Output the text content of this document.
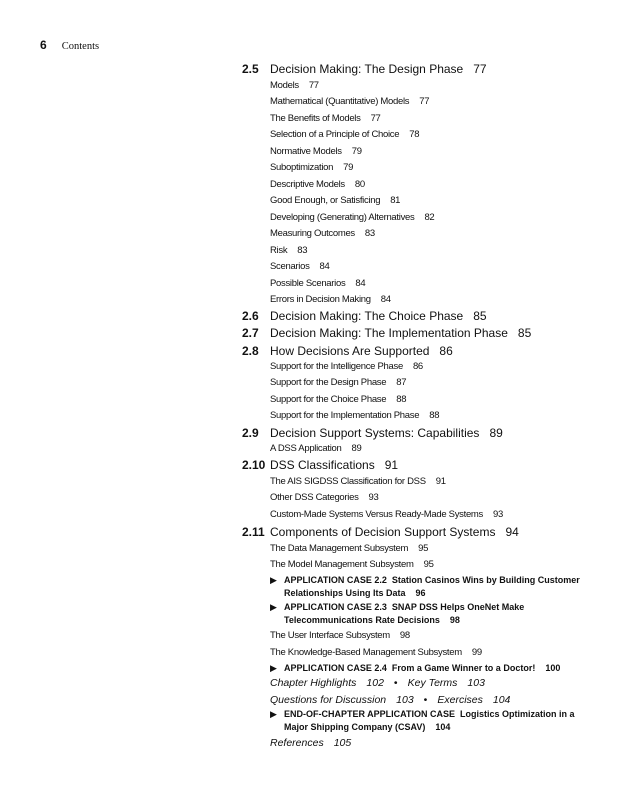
6 Contents
2.5 Decision Making: The Design Phase 77
Models 77
Mathematical (Quantitative) Models 77
The Benefits of Models 77
Selection of a Principle of Choice 78
Normative Models 79
Suboptimization 79
Descriptive Models 80
Good Enough, or Satisficing 81
Developing (Generating) Alternatives 82
Measuring Outcomes 83
Risk 83
Scenarios 84
Possible Scenarios 84
Errors in Decision Making 84
2.6 Decision Making: The Choice Phase 85
2.7 Decision Making: The Implementation Phase 85
2.8 How Decisions Are Supported 86
Support for the Intelligence Phase 86
Support for the Design Phase 87
Support for the Choice Phase 88
Support for the Implementation Phase 88
2.9 Decision Support Systems: Capabilities 89
A DSS Application 89
2.10 DSS Classifications 91
The AIS SIGDSS Classification for DSS 91
Other DSS Categories 93
Custom-Made Systems Versus Ready-Made Systems 93
2.11 Components of Decision Support Systems 94
The Data Management Subsystem 95
The Model Management Subsystem 95
▶ APPLICATION CASE 2.2 Station Casinos Wins by Building Customer
Relationships Using Its Data 96
▶ APPLICATION CASE 2.3 SNAP DSS Helps OneNet Make
Telecommunications Rate Decisions 98
The User Interface Subsystem 98
The Knowledge-Based Management Subsystem 99
▶ APPLICATION CASE 2.4 From a Game Winner to a Doctor! 100
Chapter Highlights 102 • Key Terms 103
Questions for Discussion 103 • Exercises 104
▶ END-OF-CHAPTER APPLICATION CASE Logistics Optimization in a
Major Shipping Company (CSAV) 104
References 105
